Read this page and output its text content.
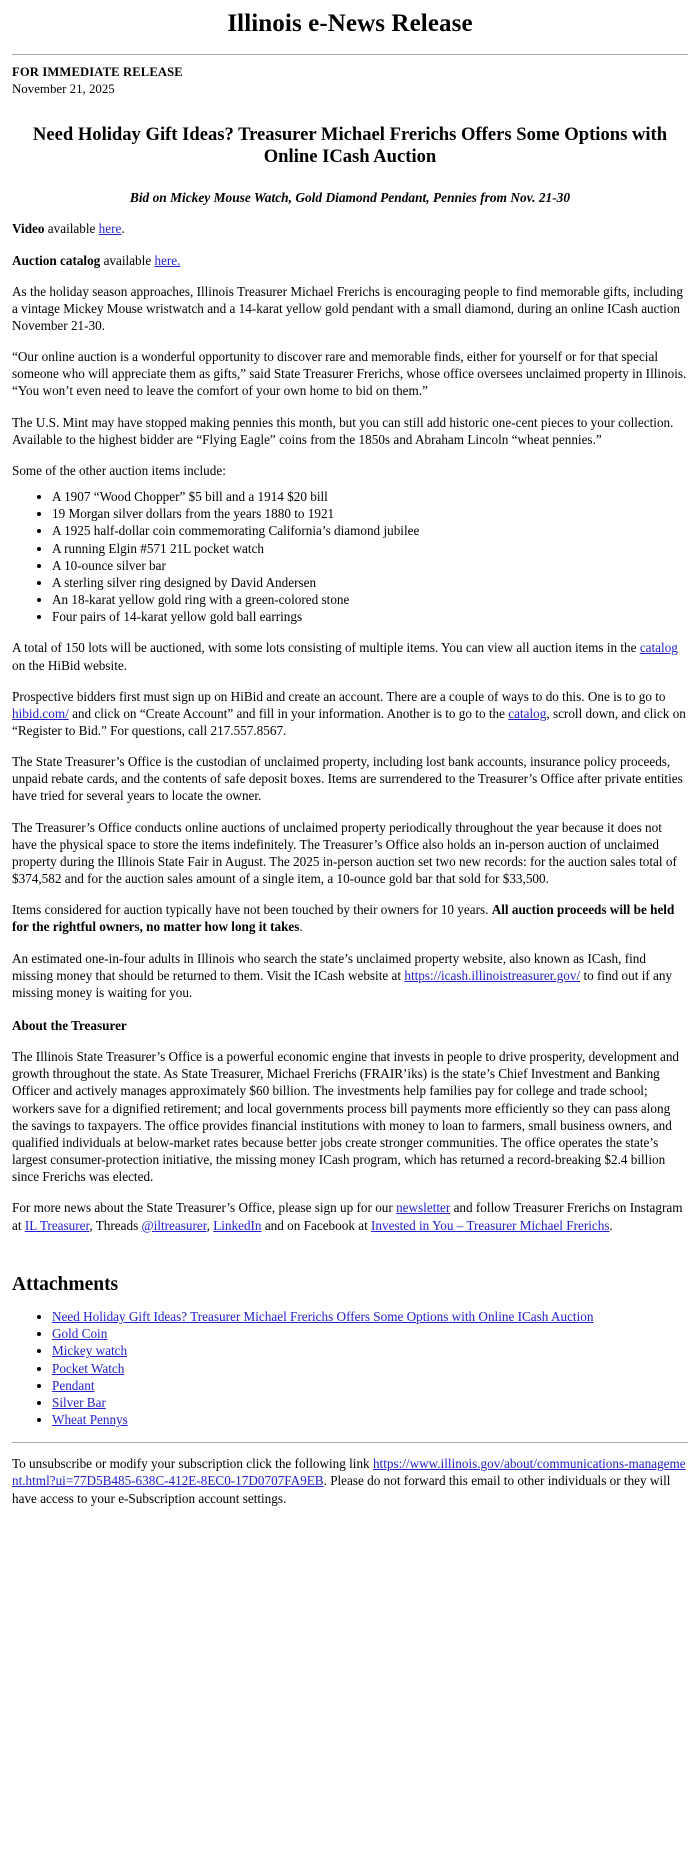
Illinois e-News Release

FOR IMMEDIATE RELEASE

November 21, 2025

Need Holiday Gift Ideas? Treasurer Michael Frerichs Offers Some Options with Online ICash Auction

Bid on Mickey Mouse Watch, Gold Diamond Pendant, Pennies from Nov. 21-30

Video available here.

Auction catalog available here.

As the holiday season approaches, Illinois Treasurer Michael Frerichs is encouraging people to find memorable gifts, including a vintage Mickey Mouse wristwatch and a 14-karat yellow gold pendant with a small diamond, during an online ICash auction November 21-30.

“Our online auction is a wonderful opportunity to discover rare and memorable finds, either for yourself or for that special someone who will appreciate them as gifts,” said State Treasurer Frerichs, whose office oversees unclaimed property in Illinois. “You won’t even need to leave the comfort of your own home to bid on them.”

The U.S. Mint may have stopped making pennies this month, but you can still add historic one-cent pieces to your collection. Available to the highest bidder are “Flying Eagle” coins from the 1850s and Abraham Lincoln “wheat pennies.”

Some of the other auction items include:

• A 1907 “Wood Chopper” $5 bill and a 1914 $20 bill
• 19 Morgan silver dollars from the years 1880 to 1921
• A 1925 half-dollar coin commemorating California’s diamond jubilee
• A running Elgin #571 21L pocket watch
• A 10-ounce silver bar
• A sterling silver ring designed by David Andersen
• An 18-karat yellow gold ring with a green-colored stone
• Four pairs of 14-karat yellow gold ball earrings

A total of 150 lots will be auctioned, with some lots consisting of multiple items. You can view all auction items in the catalog on the HiBid website.

Prospective bidders first must sign up on HiBid and create an account. There are a couple of ways to do this. One is to go to hibid.com/ and click on “Create Account” and fill in your information. Another is to go to the catalog, scroll down, and click on “Register to Bid.” For questions, call 217.557.8567.

The State Treasurer’s Office is the custodian of unclaimed property, including lost bank accounts, insurance policy proceeds, unpaid rebate cards, and the contents of safe deposit boxes. Items are surrendered to the Treasurer’s Office after private entities have tried for several years to locate the owner.

The Treasurer’s Office conducts online auctions of unclaimed property periodically throughout the year because it does not have the physical space to store the items indefinitely. The Treasurer’s Office also holds an in-person auction of unclaimed property during the Illinois State Fair in August. The 2025 in-person auction set two new records: for the auction sales total of $374,582 and for the auction sales amount of a single item, a 10-ounce gold bar that sold for $33,500.

Items considered for auction typically have not been touched by their owners for 10 years. All auction proceeds will be held for the rightful owners, no matter how long it takes.

An estimated one-in-four adults in Illinois who search the state’s unclaimed property website, also known as ICash, find missing money that should be returned to them. Visit the ICash website at https://icash.illinoistreasurer.gov/ to find out if any missing money is waiting for you.

About the Treasurer

The Illinois State Treasurer’s Office is a powerful economic engine that invests in people to drive prosperity, development and growth throughout the state. As State Treasurer, Michael Frerichs (FRAIR’iks) is the state’s Chief Investment and Banking Officer and actively manages approximately $60 billion. The investments help families pay for college and trade school; workers save for a dignified retirement; and local governments process bill payments more efficiently so they can pass along the savings to taxpayers. The office provides financial institutions with money to loan to farmers, small business owners, and qualified individuals at below-market rates because better jobs create stronger communities. The office operates the state’s largest consumer-protection initiative, the missing money ICash program, which has returned a record-breaking $2.4 billion since Frerichs was elected.

For more news about the State Treasurer’s Office, please sign up for our newsletter and follow Treasurer Frerichs on Instagram at IL Treasurer, Threads @iltreasurer, LinkedIn and on Facebook at Invested in You – Treasurer Michael Frerichs.

Attachments
• Need Holiday Gift Ideas? Treasurer Michael Frerichs Offers Some Options with Online ICash Auction
• Gold Coin
• Mickey watch
• Pocket Watch
• Pendant
• Silver Bar
• Wheat Pennys

To unsubscribe or modify your subscription click the following link https://www.illinois.gov/about/communications-management.html?ui=77D5B485-638C-412E-8EC0-17D0707FA9EB. Please do not forward this email to other individuals or they will have access to your e-Subscription account settings.
